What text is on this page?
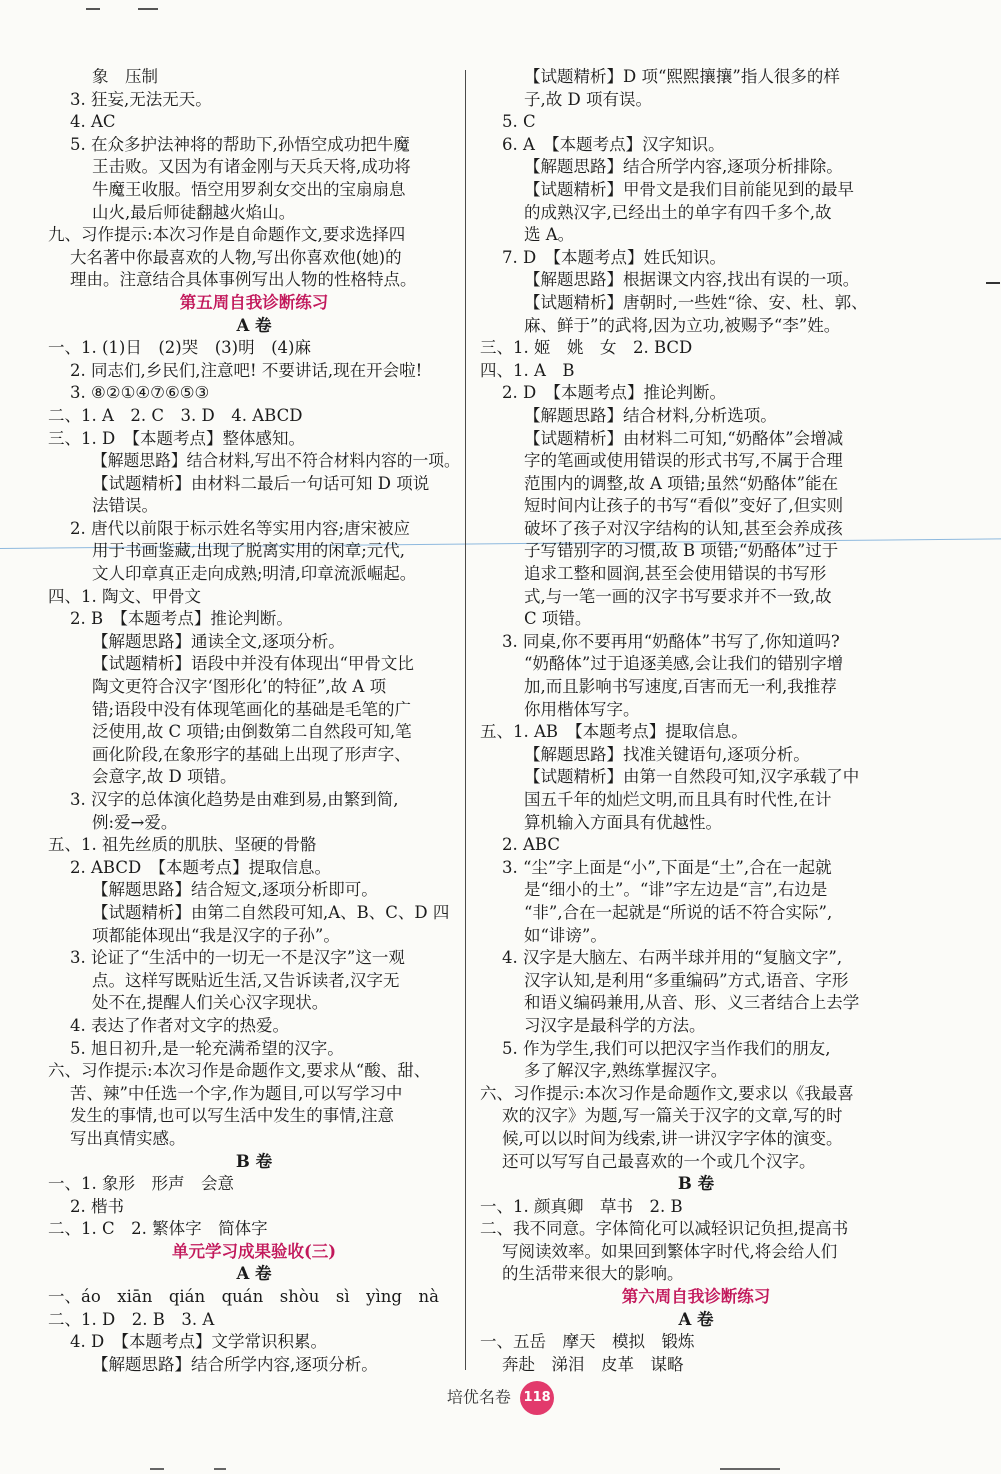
象　压制
3. 狂妄,无法无天。
4. AC
5. 在众多护法神将的帮助下,孙悟空成功把牛魔
王击败。又因为有诸金刚与天兵天将,成功将
牛魔王收服。悟空用罗刹女交出的宝扇扇息
山火,最后师徒翻越火焰山。
九、习作提示:本次习作是自命题作文,要求选择四
大名著中你最喜欢的人物,写出你喜欢他(她)的
理由。注意结合具体事例写出人物的性格特点。
第五周自我诊断练习
A 卷
一、1. (1)日　(2)哭　(3)明　(4)麻
2. 同志们,乡民们,注意吧! 不要讲话,现在开会啦!
3. ⑧②①④⑦⑥⑤③
二、1. A　2. C　3. D　4. ABCD
三、1. D　【本题考点】整体感知。
【解题思路】结合材料,写出不符合材料内容的一项。
【试题精析】由材料二最后一句话可知 D 项说
法错误。
2. 唐代以前限于标示姓名等实用内容;唐宋被应
用于书画鉴藏,出现了脱离实用的闲章;元代,
文人印章真正走向成熟;明清,印章流派崛起。
四、1. 陶文、甲骨文
2. B　【本题考点】推论判断。
【解题思路】通读全文,逐项分析。
【试题精析】语段中并没有体现出“甲骨文比
陶文更符合汉字‘图形化’的特征”,故 A 项
错;语段中没有体现笔画化的基础是毛笔的广
泛使用,故 C 项错;由倒数第二自然段可知,笔
画化阶段,在象形字的基础上出现了形声字、
会意字,故 D 项错。
3. 汉字的总体演化趋势是由难到易,由繁到简,
例:爱→爱。
五、1. 祖先丝质的肌肤、坚硬的骨骼
2. ABCD　【本题考点】提取信息。
【解题思路】结合短文,逐项分析即可。
【试题精析】由第二自然段可知,A、B、C、D 四
项都能体现出“我是汉字的子孙”。
3. 论证了“生活中的一切无一不是汉字”这一观
点。这样写既贴近生活,又告诉读者,汉字无
处不在,提醒人们关心汉字现状。
4. 表达了作者对文字的热爱。
5. 旭日初升,是一轮充满希望的汉字。
六、习作提示:本次习作是命题作文,要求从“酸、甜、
苦、辣”中任选一个字,作为题目,可以写学习中
发生的事情,也可以写生活中发生的事情,注意
写出真情实感。
B 卷
一、1. 象形　形声　会意
2. 楷书
二、1. C　2. 繁体字　简体字
单元学习成果验收(三)
A 卷
一、áo　xiān　qián　quán　shòu　sì　yìng　nà
二、1. D　2. B　3. A
4. D　【本题考点】文学常识积累。
【解题思路】结合所学内容,逐项分析。
【试题精析】D 项“熙熙攘攘”指人很多的样
子,故 D 项有误。
5. C
6. A　【本题考点】汉字知识。
【解题思路】结合所学内容,逐项分析排除。
【试题精析】甲骨文是我们目前能见到的最早
的成熟汉字,已经出土的单字有四千多个,故
选 A。
7. D　【本题考点】姓氏知识。
【解题思路】根据课文内容,找出有误的一项。
【试题精析】唐朝时,一些姓“徐、安、杜、郭、
麻、鲜于”的武将,因为立功,被赐予“李”姓。
三、1. 姬　姚　女　2. BCD
四、1. A　B
2. D　【本题考点】推论判断。
【解题思路】结合材料,分析选项。
【试题精析】由材料二可知,“奶酪体”会增减
字的笔画或使用错误的形式书写,不属于合理
范围内的调整,故 A 项错;虽然“奶酪体”能在
短时间内让孩子的书写“看似”变好了,但实则
破坏了孩子对汉字结构的认知,甚至会养成孩
子写错别字的习惯,故 B 项错;“奶酪体”过于
追求工整和圆润,甚至会使用错误的书写形
式,与一笔一画的汉字书写要求并不一致,故
C 项错。
3. 同桌,你不要再用“奶酪体”书写了,你知道吗?
“奶酪体”过于追逐美感,会让我们的错别字增
加,而且影响书写速度,百害而无一利,我推荐
你用楷体写字。
五、1. AB　【本题考点】提取信息。
【解题思路】找准关键语句,逐项分析。
【试题精析】由第一自然段可知,汉字承载了中
国五千年的灿烂文明,而且具有时代性,在计
算机输入方面具有优越性。
2. ABC
3. “尘”字上面是“小”,下面是“土”,合在一起就
是“细小的土”。“诽”字左边是“言”,右边是
“非”,合在一起就是“所说的话不符合实际”,
如“诽谤”。
4. 汉字是大脑左、右两半球并用的“复脑文字”,
汉字认知,是利用“多重编码”方式,语音、字形
和语义编码兼用,从音、形、义三者结合上去学
习汉字是最科学的方法。
5. 作为学生,我们可以把汉字当作我们的朋友,
多了解汉字,熟练掌握汉字。
六、习作提示:本次习作是命题作文,要求以《我最喜
欢的汉字》为题,写一篇关于汉字的文章,写的时
候,可以以时间为线索,讲一讲汉字字体的演变。
还可以写写自己最喜欢的一个或几个汉字。
B 卷
一、1. 颜真卿　草书　2. B
二、我不同意。字体简化可以减轻识记负担,提高书
写阅读效率。如果回到繁体字时代,将会给人们
的生活带来很大的影响。
第六周自我诊断练习
A 卷
一、五岳　摩天　模拟　锻炼
奔赴　涕泪　皮革　谋略
培优名卷 118
